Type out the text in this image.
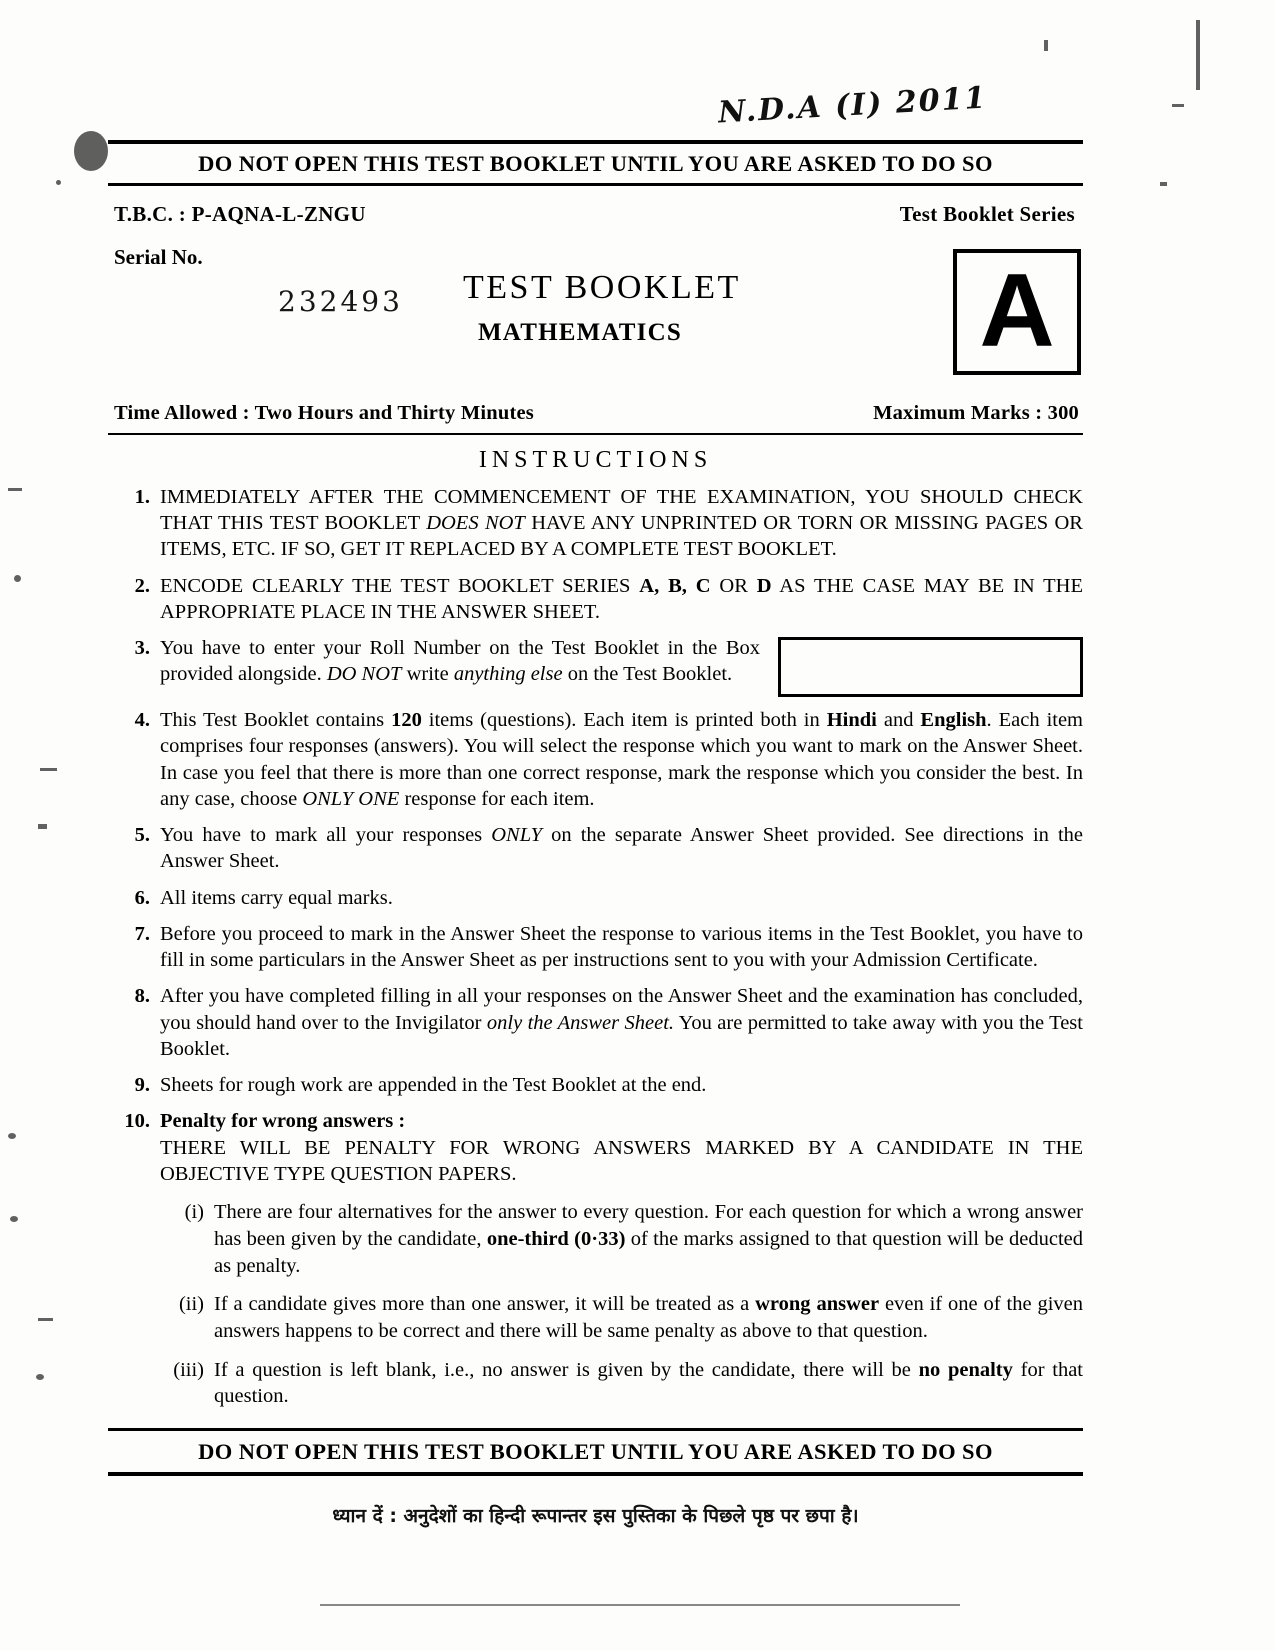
N.D.A (I) 2011
DO NOT OPEN THIS TEST BOOKLET UNTIL YOU ARE ASKED TO DO SO
T.B.C. : P-AQNA-L-ZNGU	Test Booklet Series
Serial No.
232493 TEST BOOKLET
MATHEMATICS	A
Time Allowed : Two Hours and Thirty Minutes	Maximum Marks : 300
INSTRUCTIONS
1. IMMEDIATELY AFTER THE COMMENCEMENT OF THE EXAMINATION, YOU SHOULD CHECK THAT THIS TEST BOOKLET DOES NOT HAVE ANY UNPRINTED OR TORN OR MISSING PAGES OR ITEMS, ETC. IF SO, GET IT REPLACED BY A COMPLETE TEST BOOKLET.
2. ENCODE CLEARLY THE TEST BOOKLET SERIES A, B, C OR D AS THE CASE MAY BE IN THE APPROPRIATE PLACE IN THE ANSWER SHEET.
3. You have to enter your Roll Number on the Test Booklet in the Box provided alongside. DO NOT write anything else on the Test Booklet.
4. This Test Booklet contains 120 items (questions). Each item is printed both in Hindi and English. Each item comprises four responses (answers). You will select the response which you want to mark on the Answer Sheet. In case you feel that there is more than one correct response, mark the response which you consider the best. In any case, choose ONLY ONE response for each item.
5. You have to mark all your responses ONLY on the separate Answer Sheet provided. See directions in the Answer Sheet.
6. All items carry equal marks.
7. Before you proceed to mark in the Answer Sheet the response to various items in the Test Booklet, you have to fill in some particulars in the Answer Sheet as per instructions sent to you with your Admission Certificate.
8. After you have completed filling in all your responses on the Answer Sheet and the examination has concluded, you should hand over to the Invigilator only the Answer Sheet. You are permitted to take away with you the Test Booklet.
9. Sheets for rough work are appended in the Test Booklet at the end.
10. Penalty for wrong answers :
THERE WILL BE PENALTY FOR WRONG ANSWERS MARKED BY A CANDIDATE IN THE OBJECTIVE TYPE QUESTION PAPERS.
(i) There are four alternatives for the answer to every question. For each question for which a wrong answer has been given by the candidate, one-third (0·33) of the marks assigned to that question will be deducted as penalty.
(ii) If a candidate gives more than one answer, it will be treated as a wrong answer even if one of the given answers happens to be correct and there will be same penalty as above to that question.
(iii) If a question is left blank, i.e., no answer is given by the candidate, there will be no penalty for that question.
DO NOT OPEN THIS TEST BOOKLET UNTIL YOU ARE ASKED TO DO SO
ध्यान दें : अनुदेशों का हिन्दी रूपान्तर इस पुस्तिका के पिछले पृष्ठ पर छपा है।
